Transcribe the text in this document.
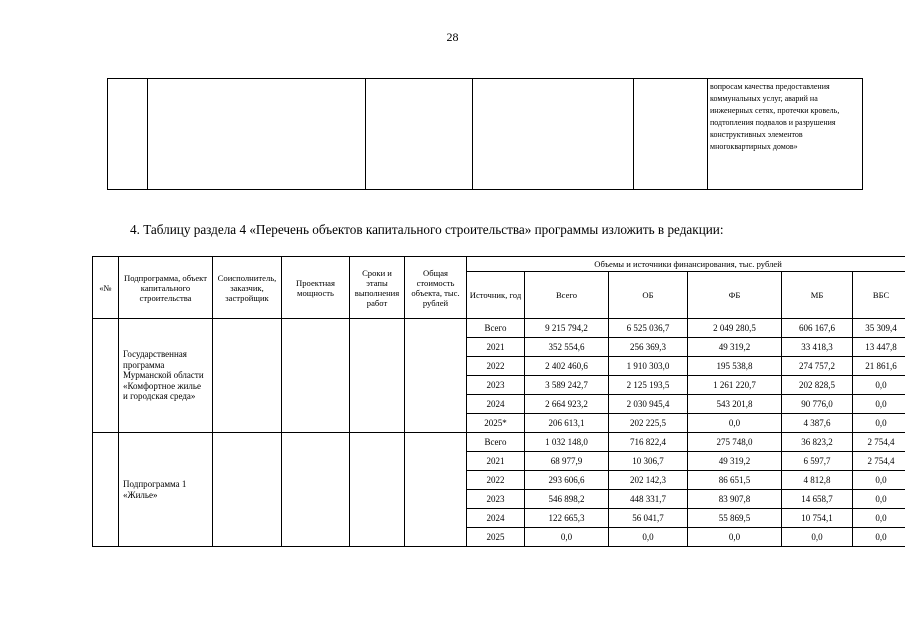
28
					вопросам качества предоставления коммунальных услуг, аварий на инженерных сетях, протечки кровель, подтопления подвалов и разрушения конструктивных элементов многоквартирных домов»
4. Таблицу раздела 4 «Перечень объектов капитального строительства» программы изложить в редакции:
«№	Подпрограмма, объект капитального строительства	Соисполнитель, заказчик, застройщик	Проектная мощность	Сроки и этапы выполнения работ	Общая стоимость объекта, тыс. рублей	Объемы и источники финансирования, тыс. рублей					
						Источник, год	Всего	ОБ	ФБ	МБ	ВБС
	Государственная программа Мурманской области «Комфортное жилье и городская среда»					Всего	9 215 794,2	6 525 036,7	2 049 280,5	606 167,6	35 309,4
						2021	352 554,6	256 369,3	49 319,2	33 418,3	13 447,8
						2022	2 402 460,6	1 910 303,0	195 538,8	274 757,2	21 861,6
						2023	3 589 242,7	2 125 193,5	1 261 220,7	202 828,5	0,0
						2024	2 664 923,2	2 030 945,4	543 201,8	90 776,0	0,0
						2025*	206 613,1	202 225,5	0,0	4 387,6	0,0
	Подпрограмма 1 «Жилье»					Всего	1 032 148,0	716 822,4	275 748,0	36 823,2	2 754,4
						2021	68 977,9	10 306,7	49 319,2	6 597,7	2 754,4
						2022	293 606,6	202 142,3	86 651,5	4 812,8	0,0
						2023	546 898,2	448 331,7	83 907,8	14 658,7	0,0
						2024	122 665,3	56 041,7	55 869,5	10 754,1	0,0
						2025	0,0	0,0	0,0	0,0	0,0
